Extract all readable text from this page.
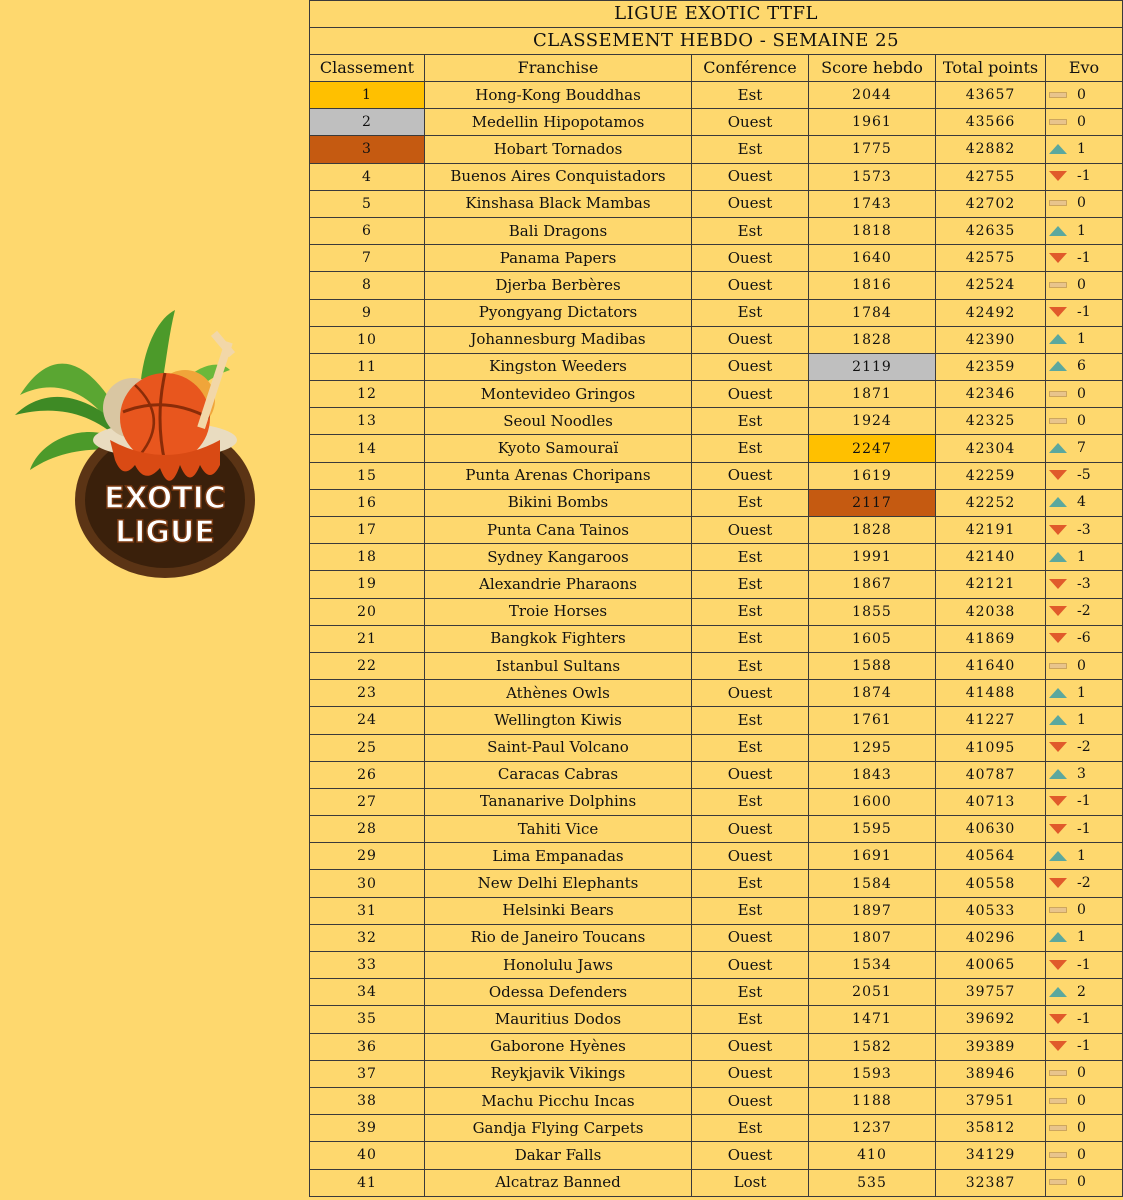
EXOTIC
LIGUE
LIGUE EXOTIC TTFL					
CLASSEMENT HEBDO - SEMAINE 25					
Classement	Franchise	Conférence	Score hebdo	Total points	Evo
1	Hong-Kong Bouddhas	Est	2044	43657	0

2	Medellin Hipopotamos	Ouest	1961	43566	0

3	Hobart Tornados	Est	1775	42882	1

4	Buenos Aires Conquistadors	Ouest	1573	42755	-1

5	Kinshasa Black Mambas	Ouest	1743	42702	0

6	Bali Dragons	Est	1818	42635	1

7	Panama Papers	Ouest	1640	42575	-1

8	Djerba Berbères	Ouest	1816	42524	0

9	Pyongyang Dictators	Est	1784	42492	-1

10	Johannesburg Madibas	Ouest	1828	42390	1

11	Kingston Weeders	Ouest	2119	42359	6

12	Montevideo Gringos	Ouest	1871	42346	0

13	Seoul Noodles	Est	1924	42325	0

14	Kyoto Samouraï	Est	2247	42304	7

15	Punta Arenas Choripans	Ouest	1619	42259	-5

16	Bikini Bombs	Est	2117	42252	4

17	Punta Cana Tainos	Ouest	1828	42191	-3

18	Sydney Kangaroos	Est	1991	42140	1

19	Alexandrie Pharaons	Est	1867	42121	-3

20	Troie Horses	Est	1855	42038	-2

21	Bangkok Fighters	Est	1605	41869	-6

22	Istanbul Sultans	Est	1588	41640	0

23	Athènes Owls	Ouest	1874	41488	1

24	Wellington Kiwis	Est	1761	41227	1

25	Saint-Paul Volcano	Est	1295	41095	-2

26	Caracas Cabras	Ouest	1843	40787	3

27	Tananarive Dolphins	Est	1600	40713	-1

28	Tahiti Vice	Ouest	1595	40630	-1

29	Lima Empanadas	Ouest	1691	40564	1

30	New Delhi Elephants	Est	1584	40558	-2

31	Helsinki Bears	Est	1897	40533	0

32	Rio de Janeiro Toucans	Ouest	1807	40296	1

33	Honolulu Jaws	Ouest	1534	40065	-1

34	Odessa Defenders	Est	2051	39757	2

35	Mauritius Dodos	Est	1471	39692	-1

36	Gaborone Hyènes	Ouest	1582	39389	-1

37	Reykjavik Vikings	Ouest	1593	38946	0

38	Machu Picchu Incas	Ouest	1188	37951	0

39	Gandja Flying Carpets	Est	1237	35812	0

40	Dakar Falls	Ouest	410	34129	0

41	Alcatraz Banned	Lost	535	32387	0
